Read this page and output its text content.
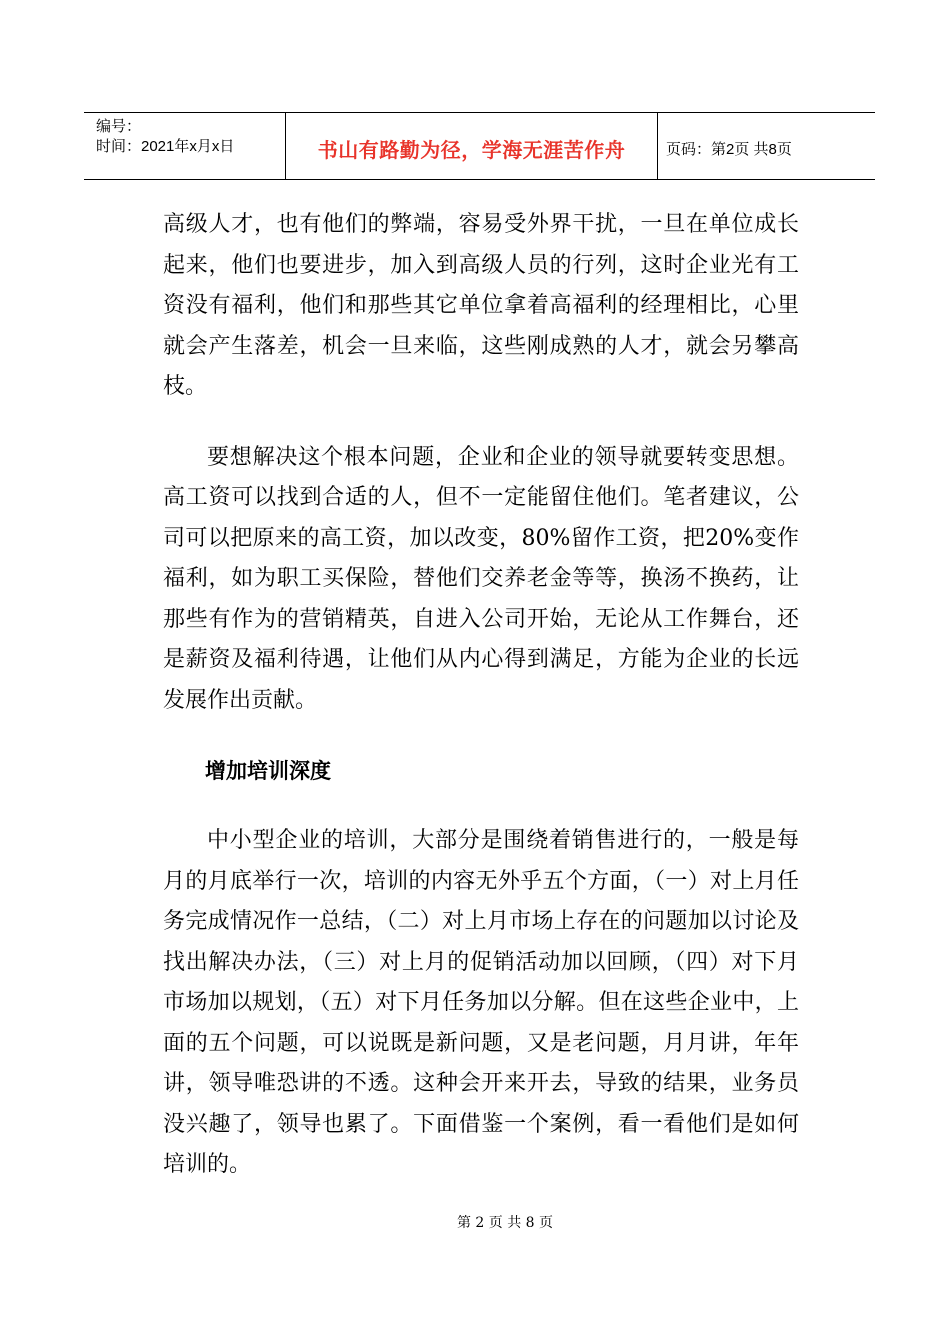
编号：
时间：2021年x月x日	书山有路勤为径，学海无涯苦作舟	页码：第2页 共8页

高级人才，也有他们的弊端，容易受外界干扰，一旦在单位成长起来，他们也要进步，加入到高级人员的行列，这时企业光有工资没有福利，他们和那些其它单位拿着高福利的经理相比，心里就会产生落差，机会一旦来临，这些刚成熟的人才，就会另攀高枝。

要想解决这个根本问题，企业和企业的领导就要转变思想。高工资可以找到合适的人，但不一定能留住他们。笔者建议，公司可以把原来的高工资，加以改变，80%留作工资，把20%变作福利，如为职工买保险，替他们交养老金等等，换汤不换药，让那些有作为的营销精英，自进入公司开始，无论从工作舞台，还是薪资及福利待遇，让他们从内心得到满足，方能为企业的长远发展作出贡献。

增加培训深度

中小型企业的培训，大部分是围绕着销售进行的，一般是每月的月底举行一次，培训的内容无外乎五个方面，（一）对上月任务完成情况作一总结，（二）对上月市场上存在的问题加以讨论及找出解决办法，（三）对上月的促销活动加以回顾，（四）对下月市场加以规划，（五）对下月任务加以分解。但在这些企业中，上面的五个问题，可以说既是新问题，又是老问题，月月讲，年年讲，领导唯恐讲的不透。这种会开来开去，导致的结果，业务员没兴趣了，领导也累了。下面借鉴一个案例，看一看他们是如何培训的。

第 2 页 共 8 页
